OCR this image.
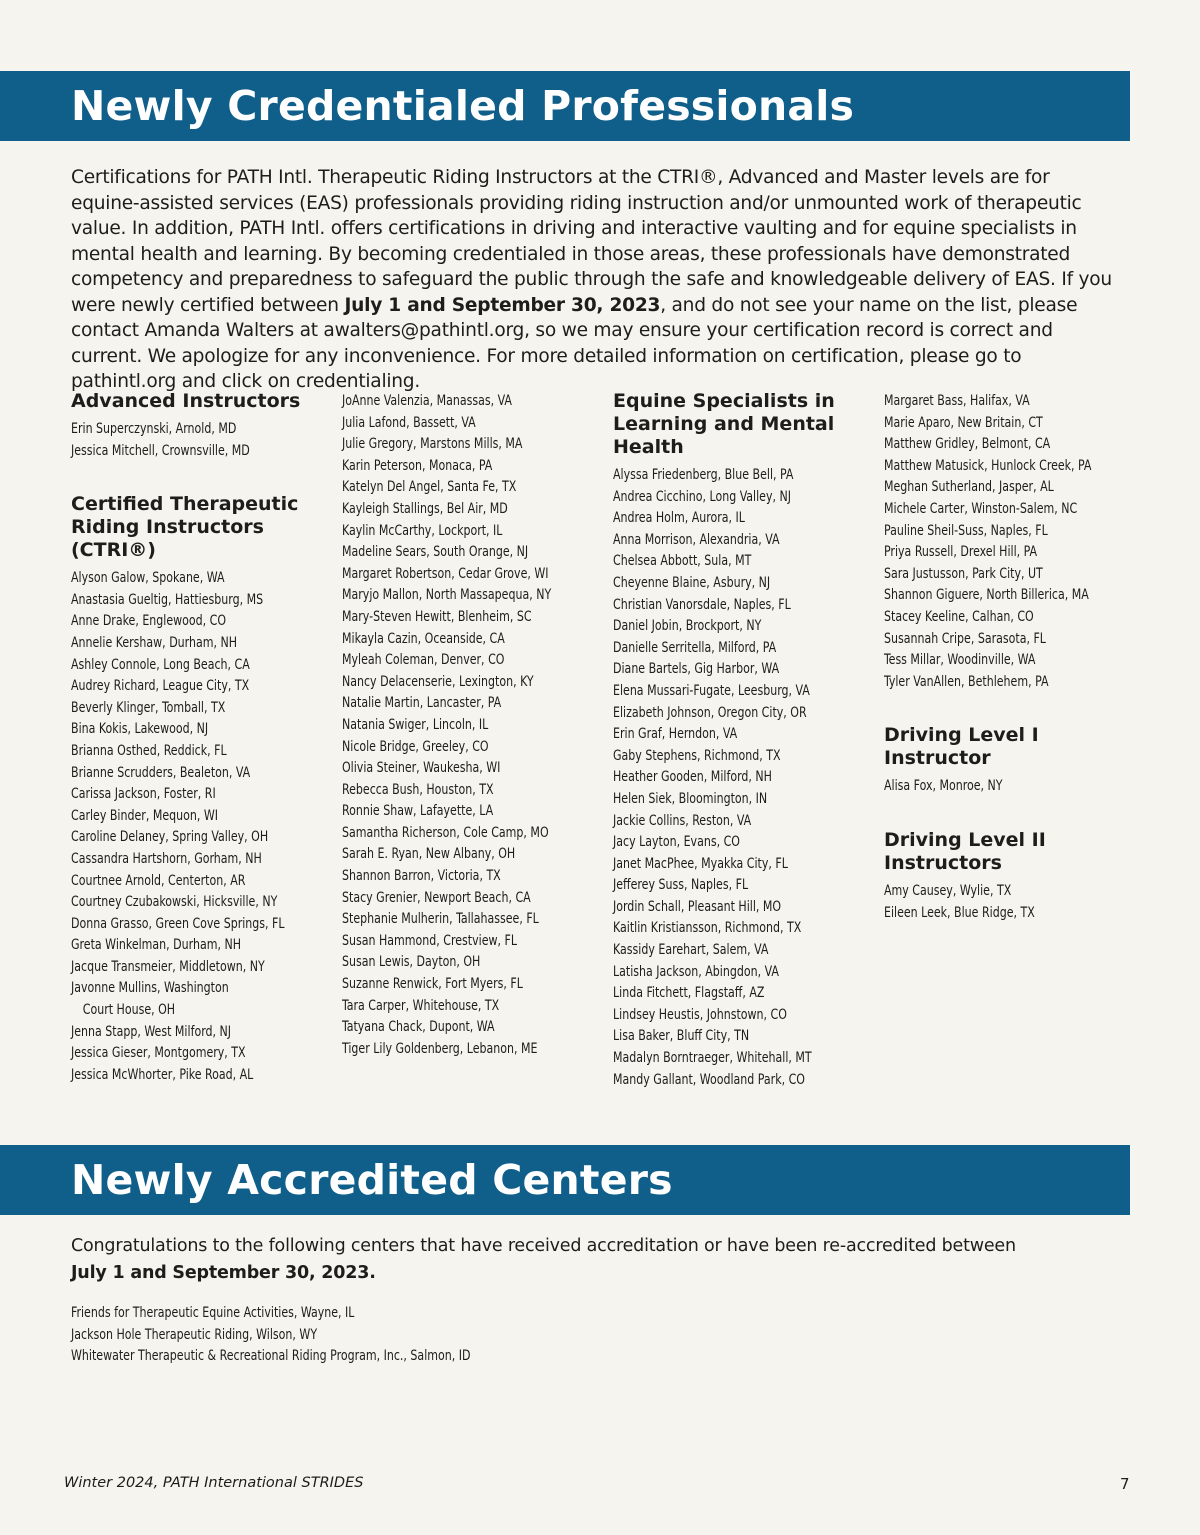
Newly Credentialed Professionals

Certifications for PATH Intl. Therapeutic Riding Instructors at the CTRI®, Advanced and Master levels are for equine-assisted services (EAS) professionals providing riding instruction and/or unmounted work of therapeutic value. In addition, PATH Intl. offers certifications in driving and interactive vaulting and for equine specialists in mental health and learning. By becoming credentialed in those areas, these professionals have demonstrated competency and preparedness to safeguard the public through the safe and knowledgeable delivery of EAS. If you were newly certified between July 1 and September 30, 2023, and do not see your name on the list, please contact Amanda Walters at awalters@pathintl.org, so we may ensure your certification record is correct and current. We apologize for any inconvenience. For more detailed information on certification, please go to pathintl.org and click on credentialing.

Advanced Instructors
Erin Superczynski, Arnold, MD
Jessica Mitchell, Crownsville, MD
Certified Therapeutic Riding Instructors (CTRI®)
Alyson Galow, Spokane, WA
Anastasia Gueltig, Hattiesburg, MS
Anne Drake, Englewood, CO
Annelie Kershaw, Durham, NH
Ashley Connole, Long Beach, CA
Audrey Richard, League City, TX
Beverly Klinger, Tomball, TX
Bina Kokis, Lakewood, NJ
Brianna Osthed, Reddick, FL
Brianne Scrudders, Bealeton, VA
Carissa Jackson, Foster, RI
Carley Binder, Mequon, WI
Caroline Delaney, Spring Valley, OH
Cassandra Hartshorn, Gorham, NH
Courtnee Arnold, Centerton, AR
Courtney Czubakowski, Hicksville, NY
Donna Grasso, Green Cove Springs, FL
Greta Winkelman, Durham, NH
Jacque Transmeier, Middletown, NY
Javonne Mullins, Washington
Court House, OH
Jenna Stapp, West Milford, NJ
Jessica Gieser, Montgomery, TX
Jessica McWhorter, Pike Road, AL
JoAnne Valenzia, Manassas, VA
Julia Lafond, Bassett, VA
Julie Gregory, Marstons Mills, MA
Karin Peterson, Monaca, PA
Katelyn Del Angel, Santa Fe, TX
Kayleigh Stallings, Bel Air, MD
Kaylin McCarthy, Lockport, IL
Madeline Sears, South Orange, NJ
Margaret Robertson, Cedar Grove, WI
Maryjo Mallon, North Massapequa, NY
Mary-Steven Hewitt, Blenheim, SC
Mikayla Cazin, Oceanside, CA
Myleah Coleman, Denver, CO
Nancy Delacenserie, Lexington, KY
Natalie Martin, Lancaster, PA
Natania Swiger, Lincoln, IL
Nicole Bridge, Greeley, CO
Olivia Steiner, Waukesha, WI
Rebecca Bush, Houston, TX
Ronnie Shaw, Lafayette, LA
Samantha Richerson, Cole Camp, MO
Sarah E. Ryan, New Albany, OH
Shannon Barron, Victoria, TX
Stacy Grenier, Newport Beach, CA
Stephanie Mulherin, Tallahassee, FL
Susan Hammond, Crestview, FL
Susan Lewis, Dayton, OH
Suzanne Renwick, Fort Myers, FL
Tara Carper, Whitehouse, TX
Tatyana Chack, Dupont, WA
Tiger Lily Goldenberg, Lebanon, ME
Equine Specialists in Learning and Mental Health
Alyssa Friedenberg, Blue Bell, PA
Andrea Cicchino, Long Valley, NJ
Andrea Holm, Aurora, IL
Anna Morrison, Alexandria, VA
Chelsea Abbott, Sula, MT
Cheyenne Blaine, Asbury, NJ
Christian Vanorsdale, Naples, FL
Daniel Jobin, Brockport, NY
Danielle Serritella, Milford, PA
Diane Bartels, Gig Harbor, WA
Elena Mussari-Fugate, Leesburg, VA
Elizabeth Johnson, Oregon City, OR
Erin Graf, Herndon, VA
Gaby Stephens, Richmond, TX
Heather Gooden, Milford, NH
Helen Siek, Bloomington, IN
Jackie Collins, Reston, VA
Jacy Layton, Evans, CO
Janet MacPhee, Myakka City, FL
Jefferey Suss, Naples, FL
Jordin Schall, Pleasant Hill, MO
Kaitlin Kristiansson, Richmond, TX
Kassidy Earehart, Salem, VA
Latisha Jackson, Abingdon, VA
Linda Fitchett, Flagstaff, AZ
Lindsey Heustis, Johnstown, CO
Lisa Baker, Bluff City, TN
Madalyn Borntraeger, Whitehall, MT
Mandy Gallant, Woodland Park, CO
Margaret Bass, Halifax, VA
Marie Aparo, New Britain, CT
Matthew Gridley, Belmont, CA
Matthew Matusick, Hunlock Creek, PA
Meghan Sutherland, Jasper, AL
Michele Carter, Winston-Salem, NC
Pauline Sheil-Suss, Naples, FL
Priya Russell, Drexel Hill, PA
Sara Justusson, Park City, UT
Shannon Giguere, North Billerica, MA
Stacey Keeline, Calhan, CO
Susannah Cripe, Sarasota, FL
Tess Millar, Woodinville, WA
Tyler VanAllen, Bethlehem, PA
Driving Level I Instructor
Alisa Fox, Monroe, NY
Driving Level II Instructors
Amy Causey, Wylie, TX
Eileen Leek, Blue Ridge, TX
Newly Accredited Centers

Congratulations to the following centers that have received accreditation or have been re-accredited between
July 1 and September 30, 2023.

Friends for Therapeutic Equine Activities, Wayne, IL
Jackson Hole Therapeutic Riding, Wilson, WY
Whitewater Therapeutic & Recreational Riding Program, Inc., Salmon, ID
Winter 2024, PATH International STRIDES	7
